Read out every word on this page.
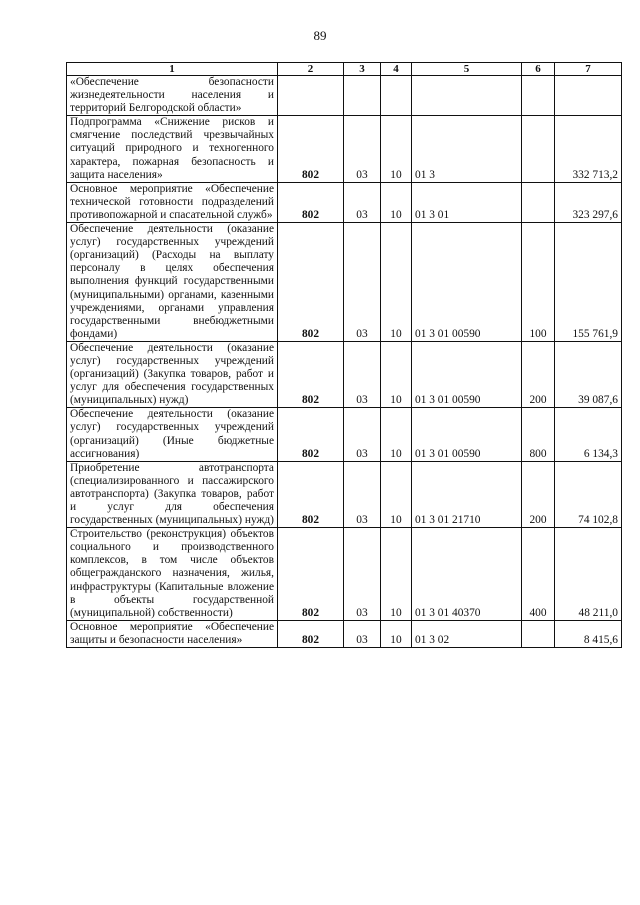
89
1	2	3	4	5	6	7
«Обеспечение безопасности жизнедеятельности населения и территорий Белгородской области»						
Подпрограмма «Снижение рисков и смягчение последствий чрезвычайных ситуаций природного и техногенного характера, пожарная безопасность и защита населения»	802	03	10	01 3		332 713,2
Основное мероприятие «Обеспечение технической готовности подразделений противопожарной и спасательной служб»	802	03	10	01 3 01		323 297,6
Обеспечение деятельности (оказание услуг) государственных учреждений (организаций) (Расходы на выплату персоналу в целях обеспечения выполнения функций государственными (муниципальными) органами, казенными учреждениями, органами управления государственными внебюджетными фондами)	802	03	10	01 3 01 00590	100	155 761,9
Обеспечение деятельности (оказание услуг) государственных учреждений (организаций) (Закупка товаров, работ и услуг для обеспечения государственных (муниципальных) нужд)	802	03	10	01 3 01 00590	200	39 087,6
Обеспечение деятельности (оказание услуг) государственных учреждений (организаций) (Иные бюджетные ассигнования)	802	03	10	01 3 01 00590	800	6 134,3
Приобретение автотранспорта (специализированного и пассажирского автотранспорта) (Закупка товаров, работ и услуг для обеспечения государственных (муниципальных) нужд)	802	03	10	01 3 01 21710	200	74 102,8
Строительство (реконструкция) объектов социального и производственного комплексов, в том числе объектов общегражданского назначения, жилья, инфраструктуры (Капитальные вложение в объекты государственной (муниципальной) собственности)	802	03	10	01 3 01 40370	400	48 211,0
Основное мероприятие «Обеспечение защиты и безопасности населения»	802	03	10	01 3 02		8 415,6
